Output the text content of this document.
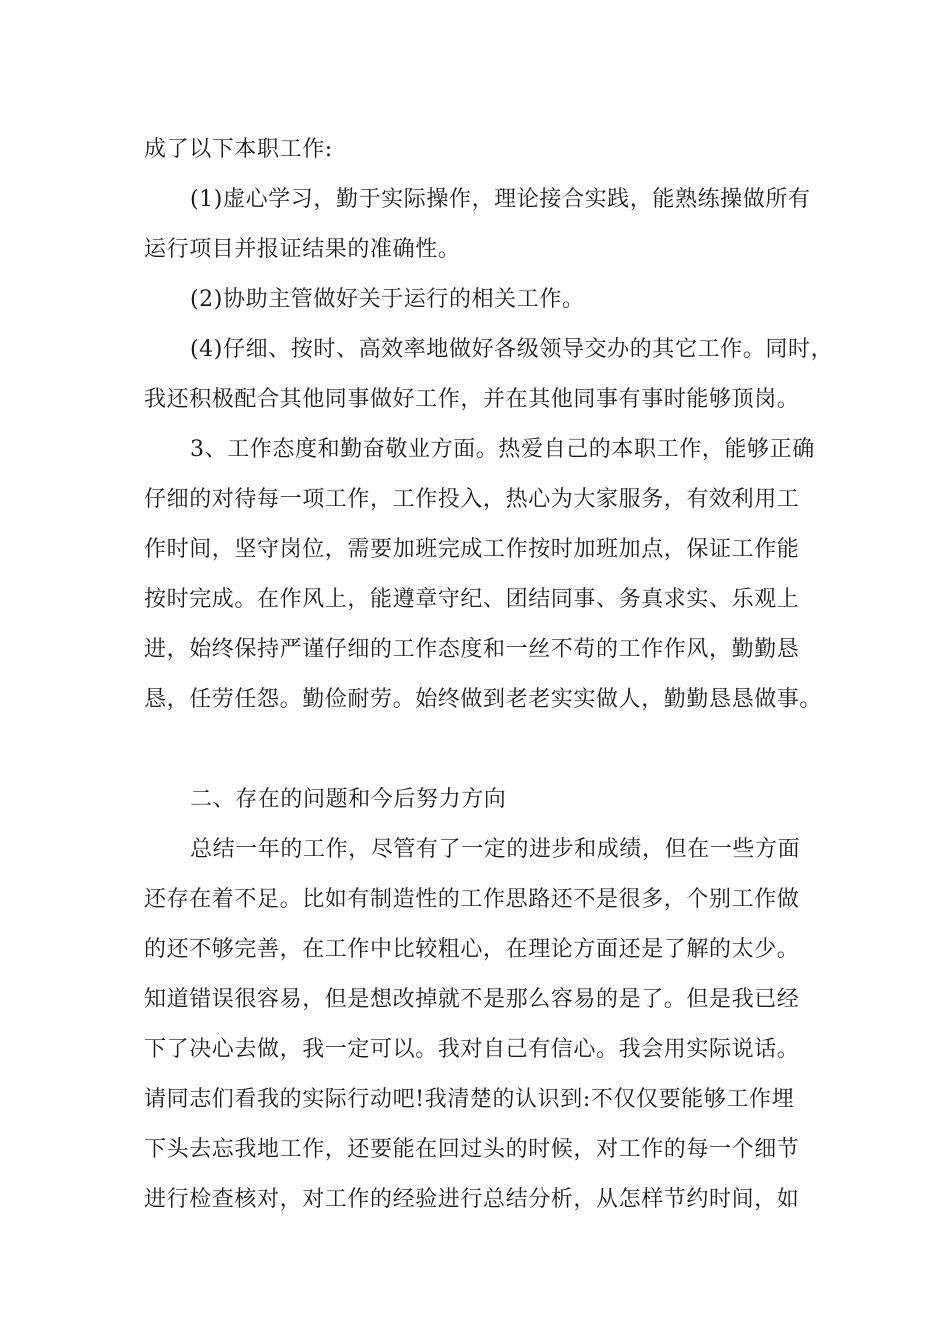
成了以下本职工作:
(1)虚心学习，勤于实际操作，理论接合实践，能熟练操做所有
运行项目并报证结果的准确性。
(2)协助主管做好关于运行的相关工作。
(4)仔细、按时、高效率地做好各级领导交办的其它工作。同时，
我还积极配合其他同事做好工作，并在其他同事有事时能够顶岗。
3、工作态度和勤奋敬业方面。热爱自己的本职工作，能够正确
仔细的对待每一项工作，工作投入，热心为大家服务，有效利用工
作时间，坚守岗位，需要加班完成工作按时加班加点，保证工作能
按时完成。在作风上，能遵章守纪、团结同事、务真求实、乐观上
进，始终保持严谨仔细的工作态度和一丝不苟的工作作风，勤勤恳
恳，任劳任怨。勤俭耐劳。始终做到老老实实做人，勤勤恳恳做事。
二、存在的问题和今后努力方向
总结一年的工作，尽管有了一定的进步和成绩，但在一些方面
还存在着不足。比如有制造性的工作思路还不是很多，个别工作做
的还不够完善，在工作中比较粗心，在理论方面还是了解的太少。
知道错误很容易，但是想改掉就不是那么容易的是了。但是我已经
下了决心去做，我一定可以。我对自己有信心。我会用实际说话。
请同志们看我的实际行动吧!我清楚的认识到:不仅仅要能够工作埋
下头去忘我地工作，还要能在回过头的时候，对工作的每一个细节
进行检查核对，对工作的经验进行总结分析，从怎样节约时间，如
